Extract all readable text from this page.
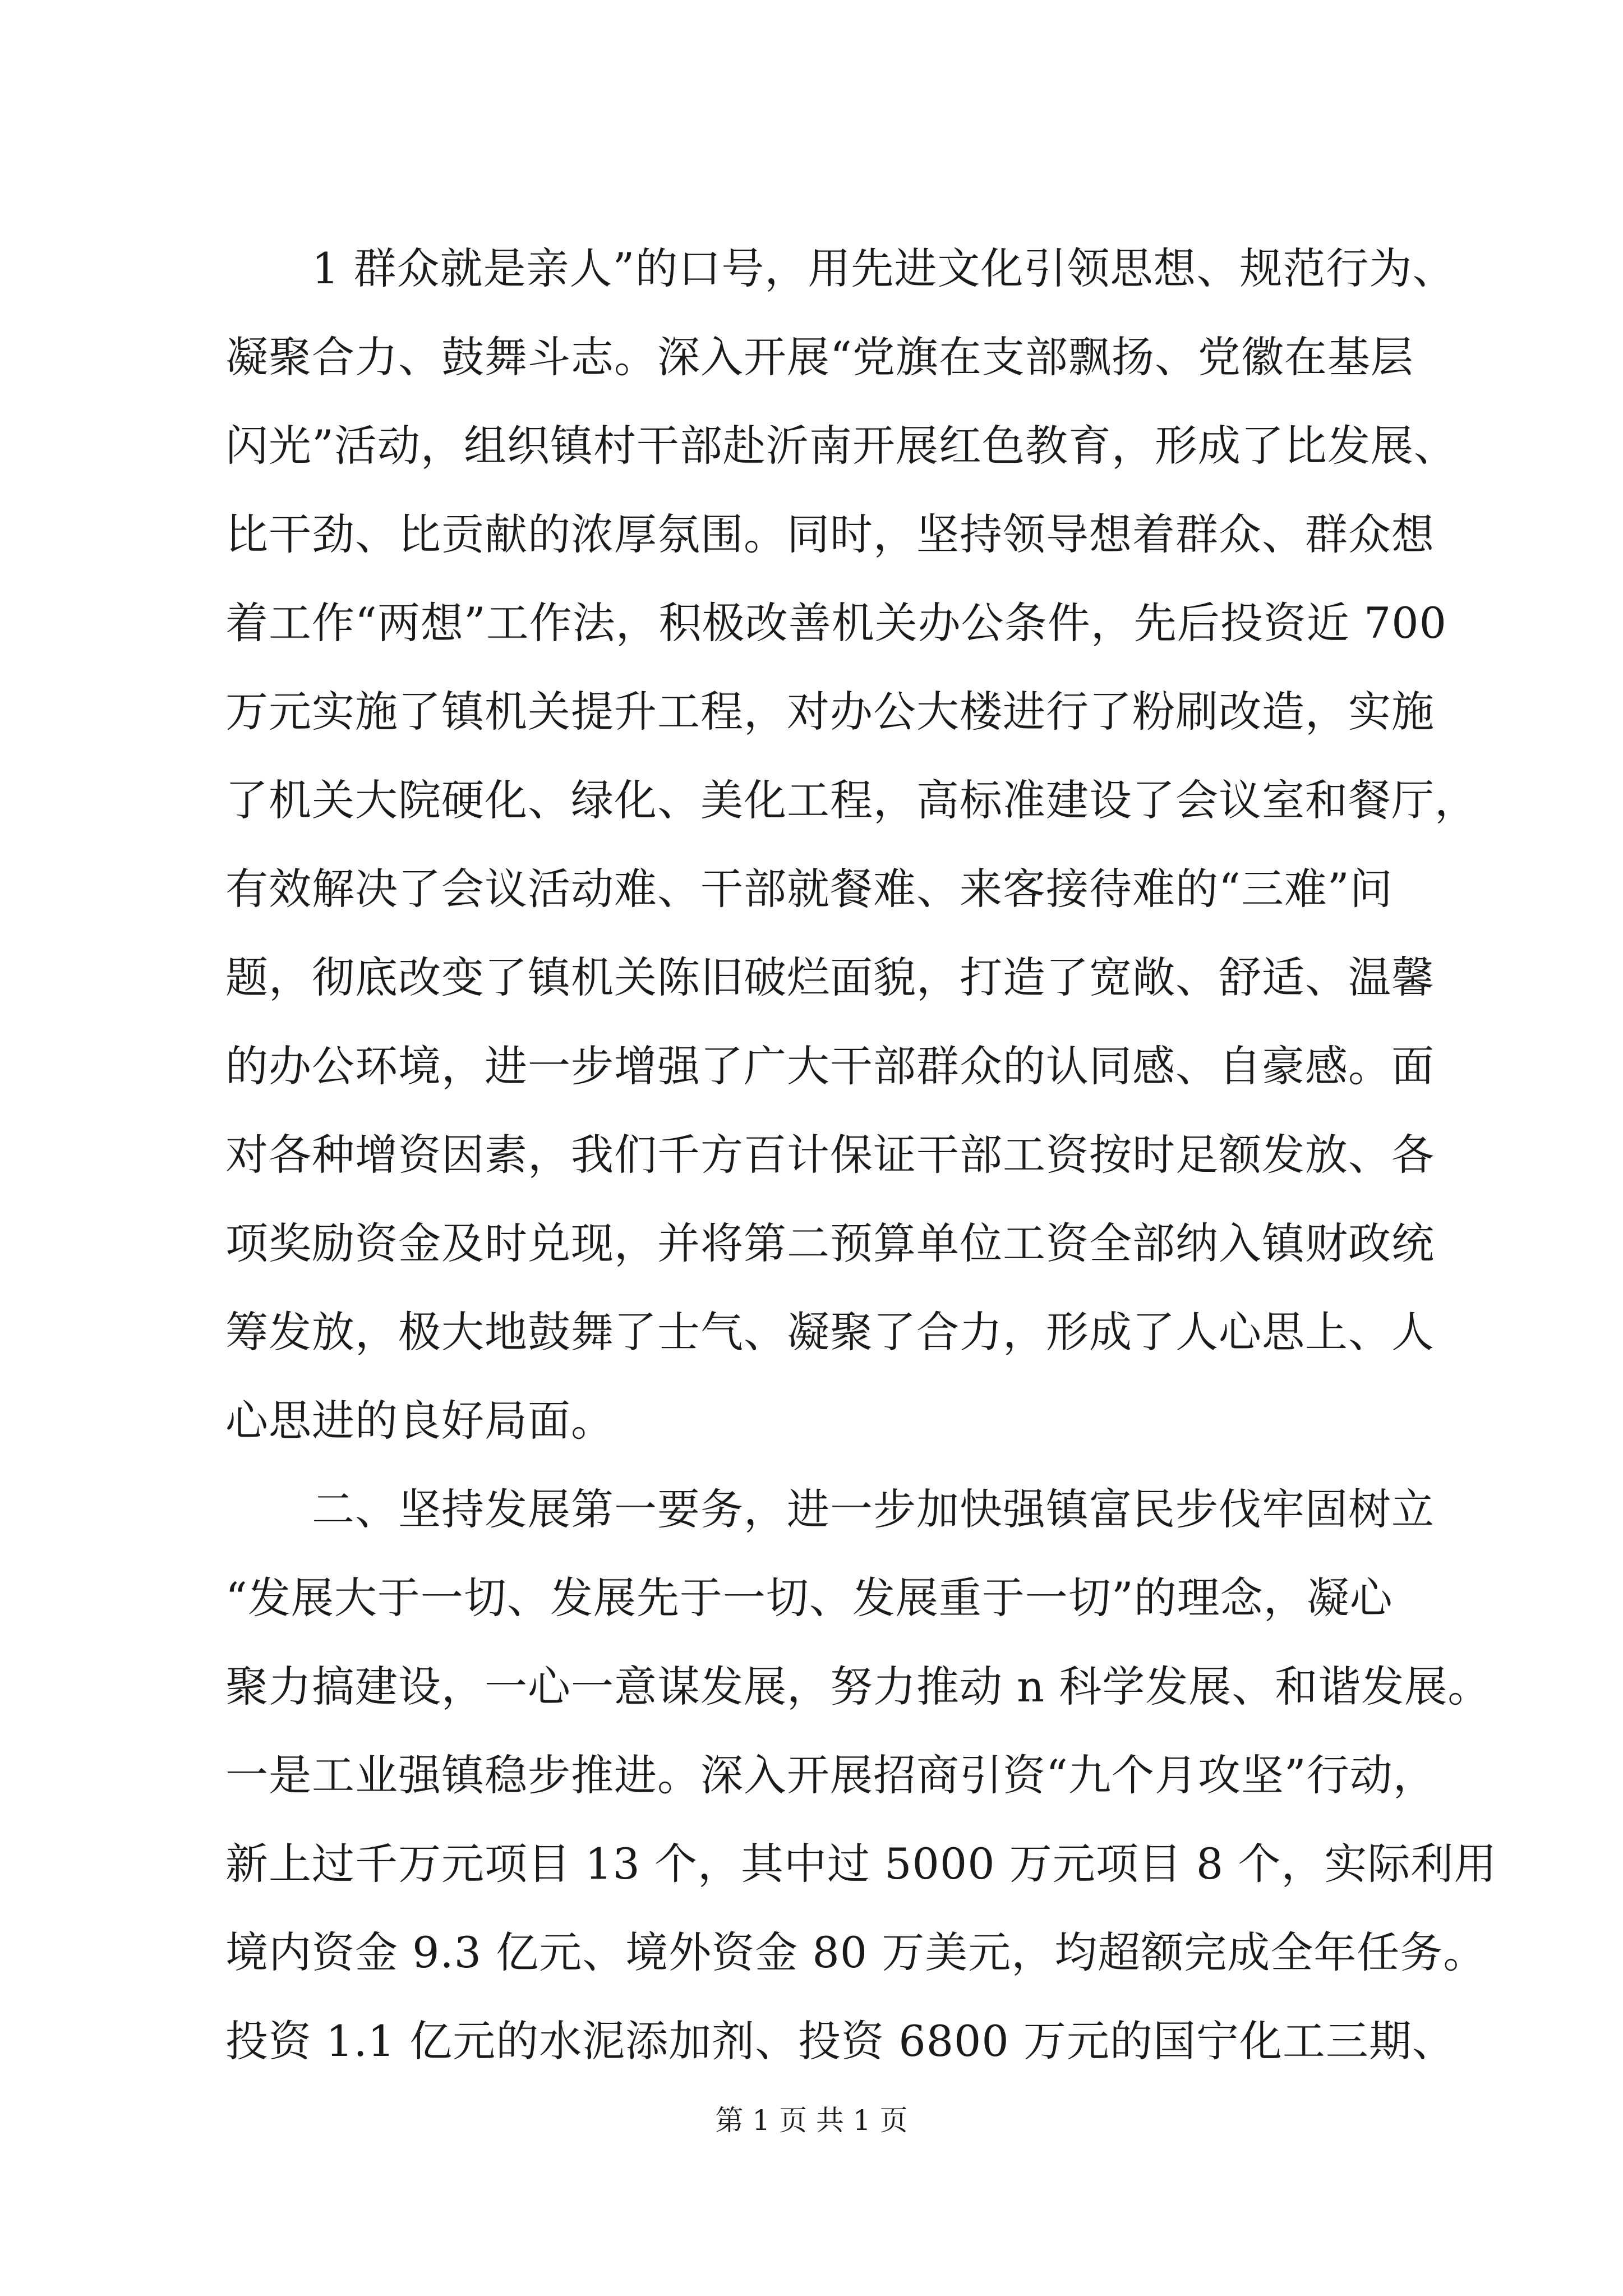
　　1 群众就是亲人”的口号，用先进文化引领思想、规范行为、
凝聚合力、鼓舞斗志。深入开展“党旗在支部飘扬、党徽在基层
闪光”活动，组织镇村干部赴沂南开展红色教育，形成了比发展、
比干劲、比贡献的浓厚氛围。同时，坚持领导想着群众、群众想
着工作“两想”工作法，积极改善机关办公条件，先后投资近 700
万元实施了镇机关提升工程，对办公大楼进行了粉刷改造，实施
了机关大院硬化、绿化、美化工程，高标准建设了会议室和餐厅，
有效解决了会议活动难、干部就餐难、来客接待难的“三难”问
题，彻底改变了镇机关陈旧破烂面貌，打造了宽敞、舒适、温馨
的办公环境，进一步增强了广大干部群众的认同感、自豪感。面
对各种增资因素，我们千方百计保证干部工资按时足额发放、各
项奖励资金及时兑现，并将第二预算单位工资全部纳入镇财政统
筹发放，极大地鼓舞了士气、凝聚了合力，形成了人心思上、人
心思进的良好局面。
　　二、坚持发展第一要务，进一步加快强镇富民步伐牢固树立
“发展大于一切、发展先于一切、发展重于一切”的理念，凝心
聚力搞建设，一心一意谋发展，努力推动 n 科学发展、和谐发展。
一是工业强镇稳步推进。深入开展招商引资“九个月攻坚”行动，
新上过千万元项目 13 个，其中过 5000 万元项目 8 个，实际利用
境内资金 9.3 亿元、境外资金 80 万美元，均超额完成全年任务。
投资 1.1 亿元的水泥添加剂、投资 6800 万元的国宁化工三期、
第 1 页 共 1 页
